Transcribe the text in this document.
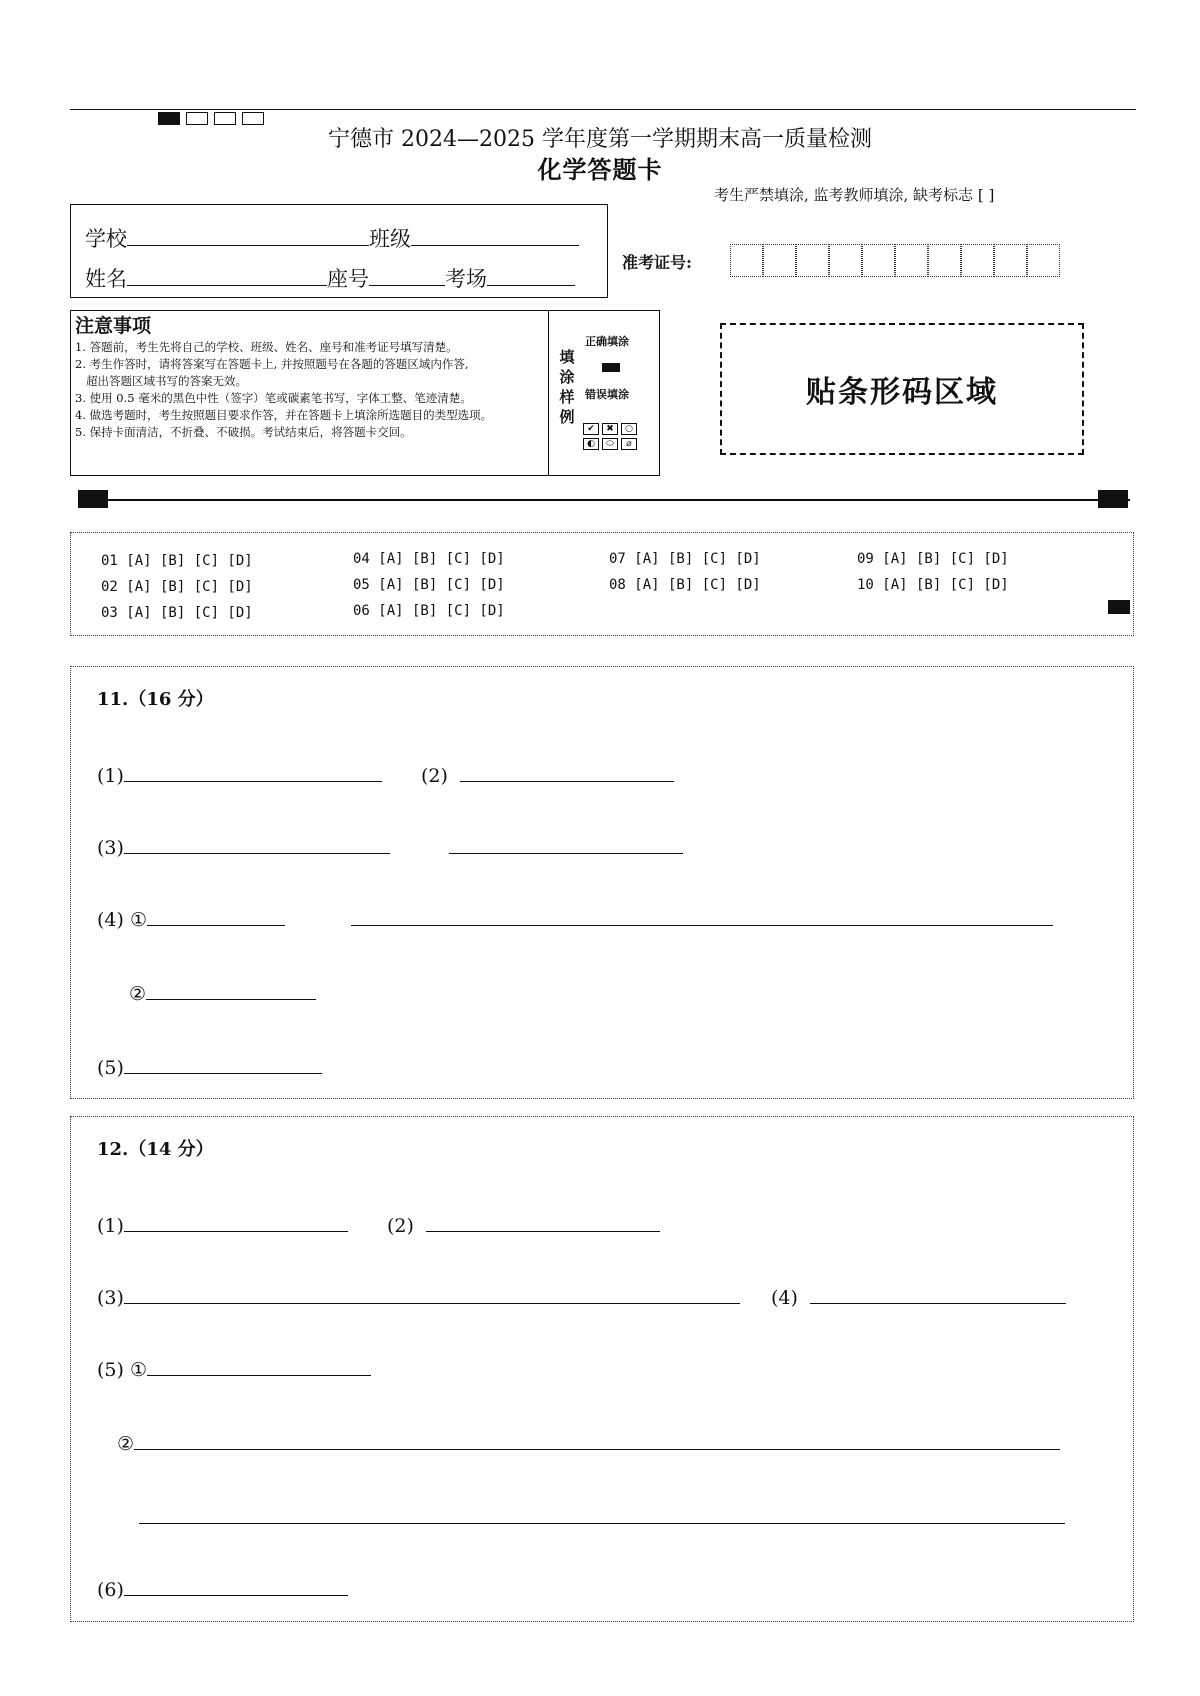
宁德市 2024—2025 学年度第一学期期末高一质量检测
化学答题卡
考生严禁填涂, 监考教师填涂, 缺考标志 [ ]
学校	班级
姓名	座号	考场
准考证号:
注意事项
1. 答题前，考生先将自己的学校、班级、姓名、座号和准考证号填写清楚。
2. 考生作答时，请将答案写在答题卡上, 并按照题号在各题的答题区域内作答,
超出答题区域书写的答案无效。
3. 使用 0.5 毫米的黑色中性（签字）笔或碳素笔书写，字体工整、笔迹清楚。
4. 做选考题时，考生按照题目要求作答，并在答题卡上填涂所选题目的类型选项。
5. 保持卡面清洁，不折叠、不破损。考试结束后，将答题卡交回。
填涂样例
正确填涂
错误填涂
✔	✖	○
◐	⬭	⌀
贴条形码区域
01 [A] [B] [C] [D]
02 [A] [B] [C] [D]
03 [A] [B] [C] [D]
04 [A] [B] [C] [D]
05 [A] [B] [C] [D]
06 [A] [B] [C] [D]
07 [A] [B] [C] [D]
08 [A] [B] [C] [D]
09 [A] [B] [C] [D]
10 [A] [B] [C] [D]
11.（16 分）
(1)	(2)
(3)
(4) ①
②
(5)
12.（14 分）
(1)	(2)
(3)	(4)
(5) ①
②
(6)
